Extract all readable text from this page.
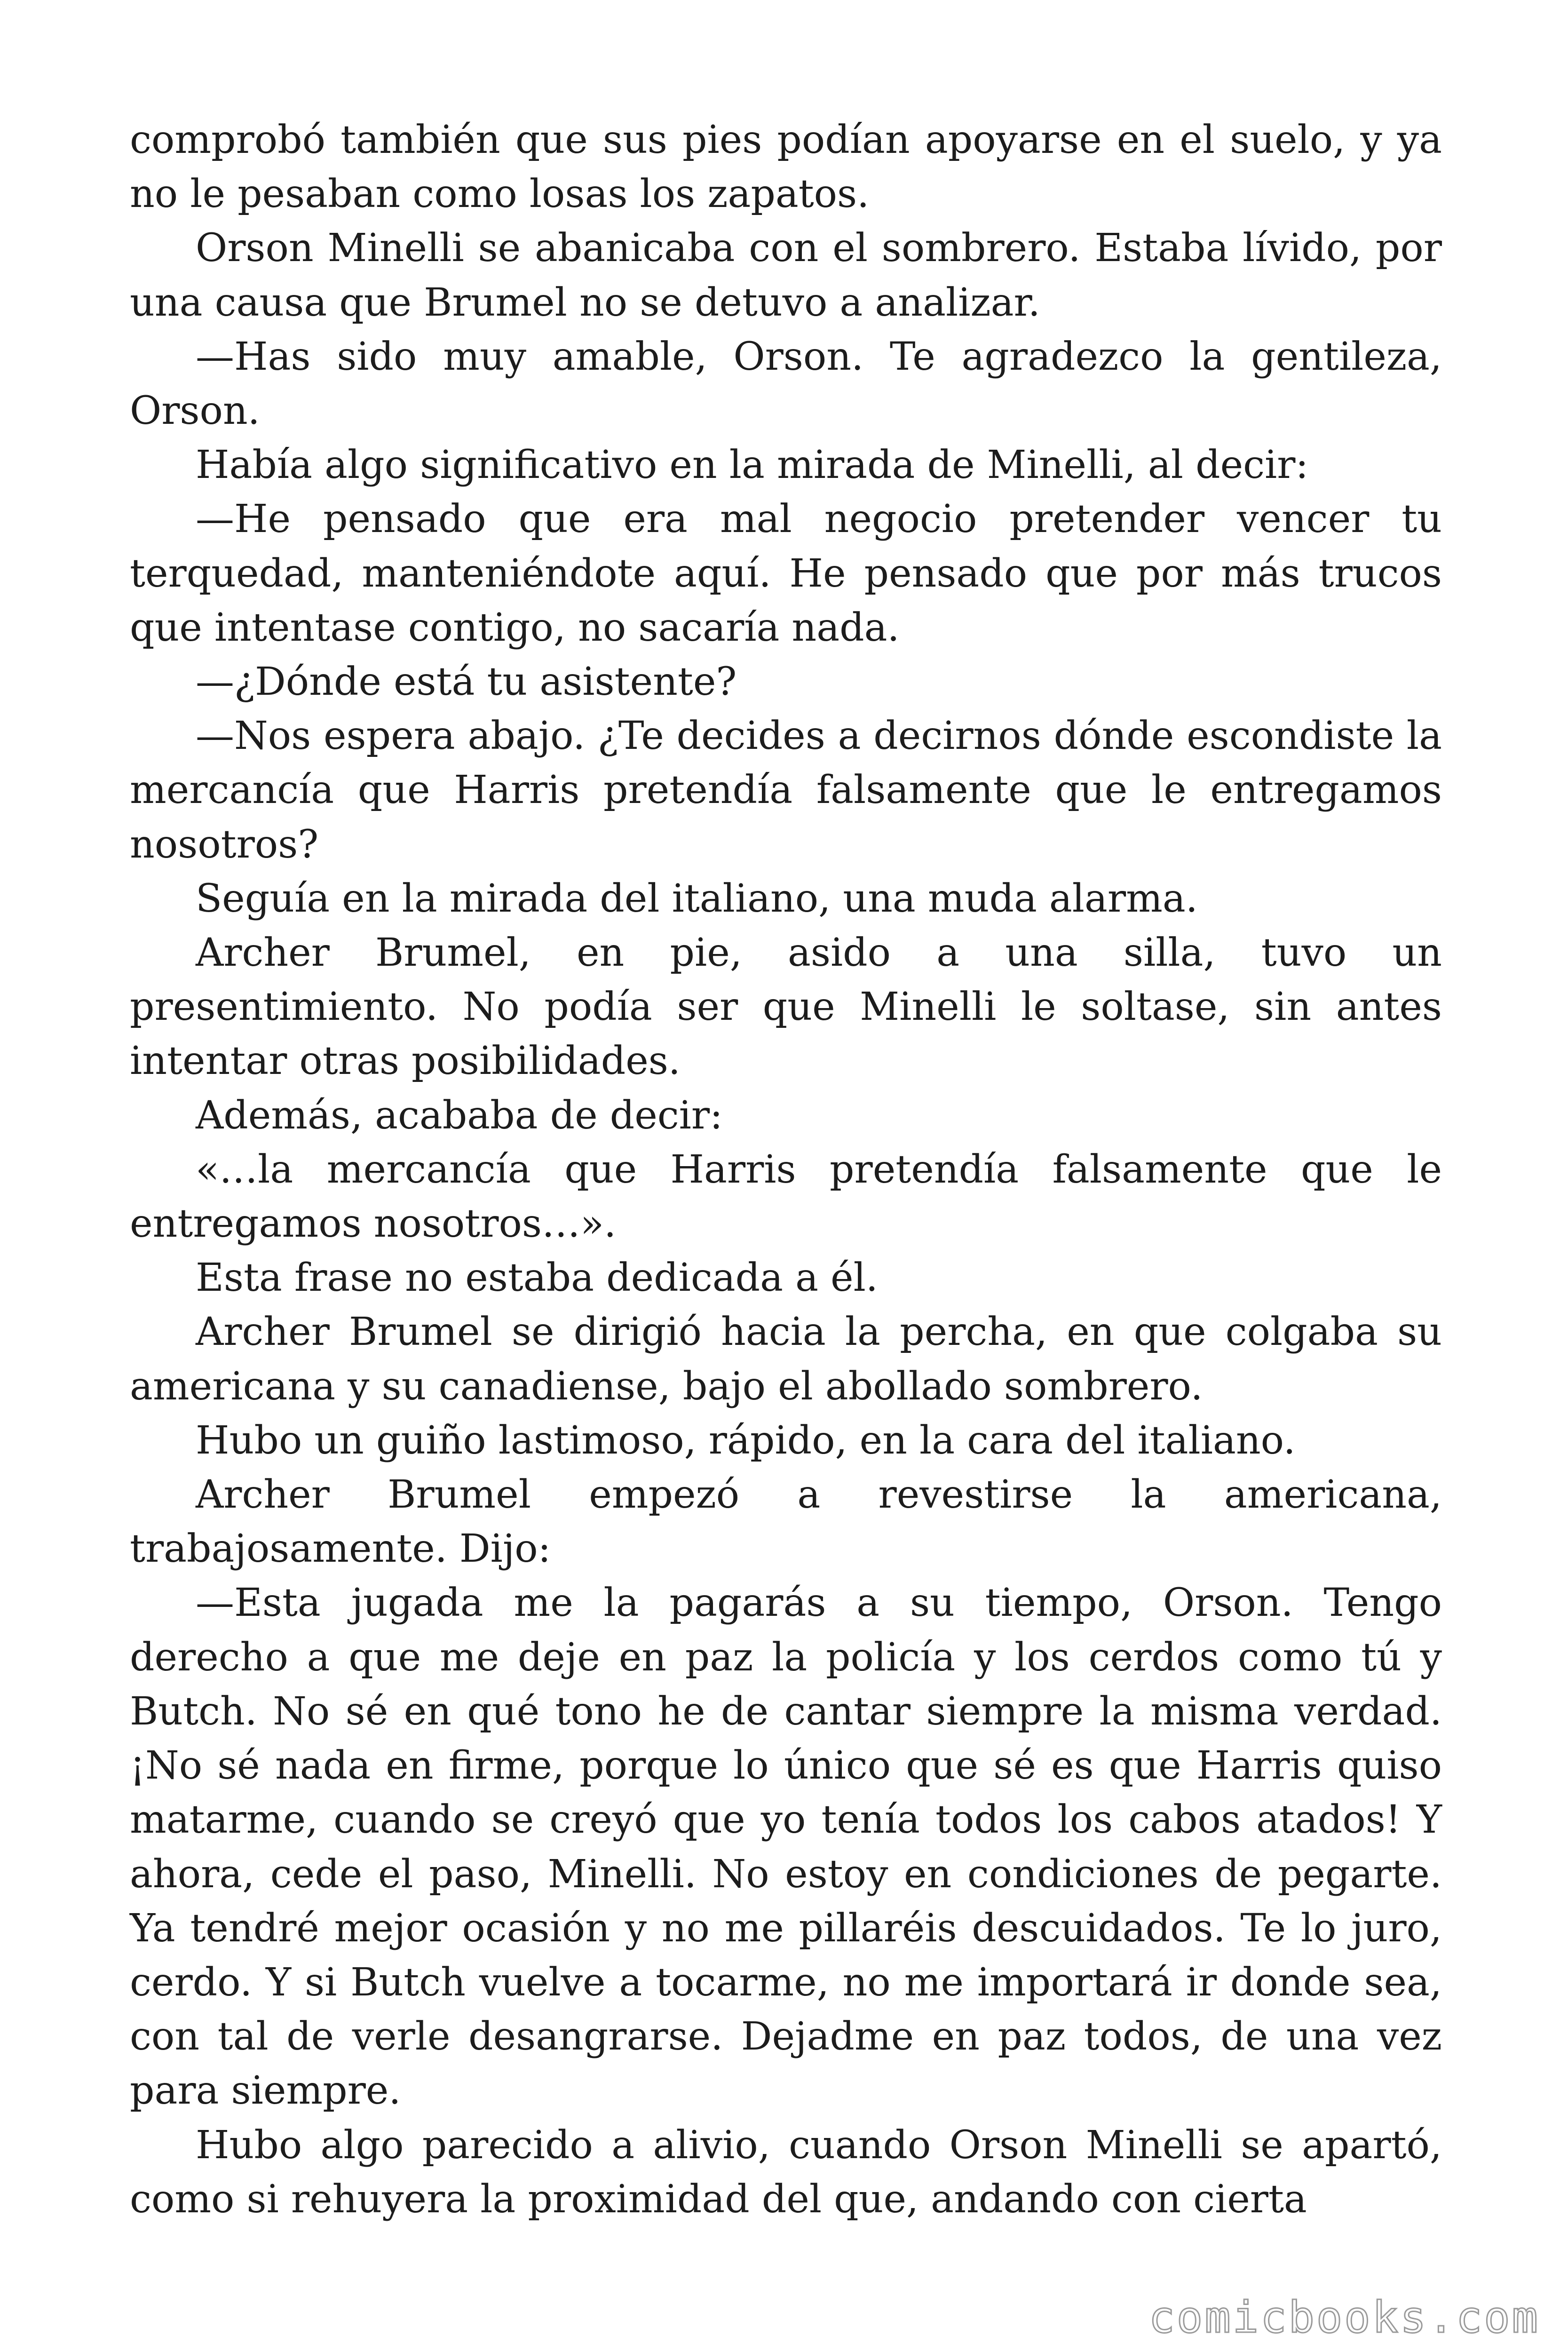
comprobó también que sus pies podían apoyarse en el suelo, y ya no le pesaban como losas los zapatos.

Orson Minelli se abanicaba con el sombrero. Estaba lívido, por una causa que Brumel no se detuvo a analizar.

—Has sido muy amable, Orson. Te agradezco la gentileza, Orson.

Había algo significativo en la mirada de Minelli, al decir:

—He pensado que era mal negocio pretender vencer tu terquedad, manteniéndote aquí. He pensado que por más trucos que intentase contigo, no sacaría nada.

—¿Dónde está tu asistente?

—Nos espera abajo. ¿Te decides a decirnos dónde escondiste la mercancía que Harris pretendía falsamente que le entregamos nosotros?

Seguía en la mirada del italiano, una muda alarma.

Archer Brumel, en pie, asido a una silla, tuvo un presentimiento. No podía ser que Minelli le soltase, sin antes intentar otras posibilidades.

Además, acababa de decir:

«…la mercancía que Harris pretendía falsamente que le entregamos nosotros…».

Esta frase no estaba dedicada a él.

Archer Brumel se dirigió hacia la percha, en que colgaba su americana y su canadiense, bajo el abollado sombrero.

Hubo un guiño lastimoso, rápido, en la cara del italiano.

Archer Brumel empezó a revestirse la americana, trabajosamente. Dijo:

—Esta jugada me la pagarás a su tiempo, Orson. Tengo derecho a que me deje en paz la policía y los cerdos como tú y Butch. No sé en qué tono he de cantar siempre la misma verdad. ¡No sé nada en firme, porque lo único que sé es que Harris quiso matarme, cuando se creyó que yo tenía todos los cabos atados! Y ahora, cede el paso, Minelli. No estoy en condiciones de pegarte. Ya tendré mejor ocasión y no me pillaréis descuidados. Te lo juro, cerdo. Y si Butch vuelve a tocarme, no me importará ir donde sea, con tal de verle desangrarse. Dejadme en paz todos, de una vez para siempre.

Hubo algo parecido a alivio, cuando Orson Minelli se apartó, como si rehuyera la proximidad del que, andando con cierta

comicbooks.com
